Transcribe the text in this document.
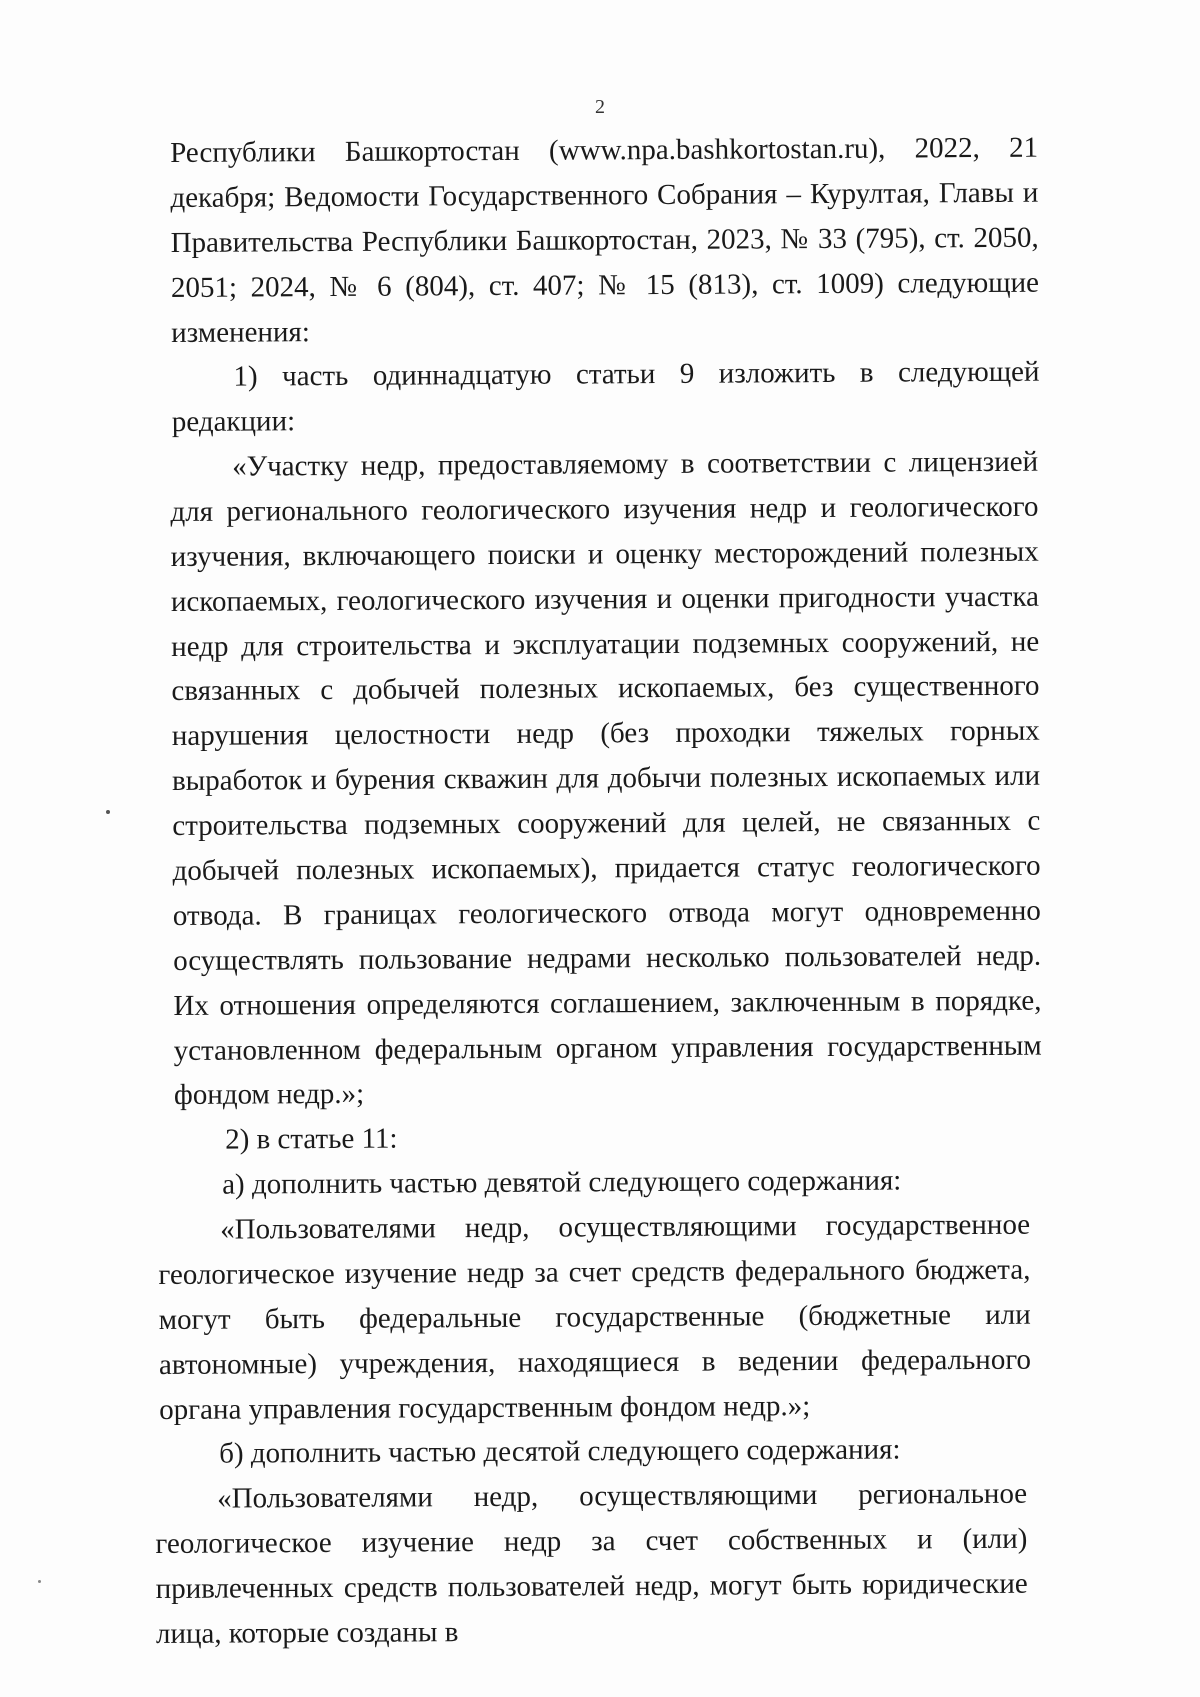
2

Республики Башкортостан (www.npa.bashkortostan.ru), 2022, 21 декабря; Ведомости Государственного Собрания – Курултая, Главы и Правительства Республики Башкортостан, 2023, № 33 (795), ст. 2050, 2051; 2024, № 6 (804), ст. 407; № 15 (813), ст. 1009) следующие изменения:

1) часть одиннадцатую статьи 9 изложить в следующей редакции:

«Участку недр, предоставляемому в соответствии с лицензией для регионального геологического изучения недр и геологического изучения, включающего поиски и оценку месторождений полезных ископаемых, геологического изучения и оценки пригодности участка недр для строительства и эксплуатации подземных сооружений, не связанных с добычей полезных ископаемых, без существенного нарушения целостности недр (без проходки тяжелых горных выработок и бурения скважин для добычи полезных ископаемых или строительства подземных сооружений для целей, не связанных с добычей полезных ископаемых), придается статус геологического отвода. В границах геологического отвода могут одновременно осуществлять пользование недрами несколько пользователей недр. Их отношения определяются соглашением, заключенным в порядке, установленном федеральным органом управления государственным фондом недр.»;

2) в статье 11:

а) дополнить частью девятой следующего содержания:

«Пользователями недр, осуществляющими государственное геологическое изучение недр за счет средств федерального бюджета, могут быть федеральные государственные (бюджетные или автономные) учреждения, находящиеся в ведении федерального органа управления государственным фондом недр.»;

б) дополнить частью десятой следующего содержания:

«Пользователями недр, осуществляющими региональное геологическое изучение недр за счет собственных и (или) привлеченных средств пользователей недр, могут быть юридические лица, которые созданы в
